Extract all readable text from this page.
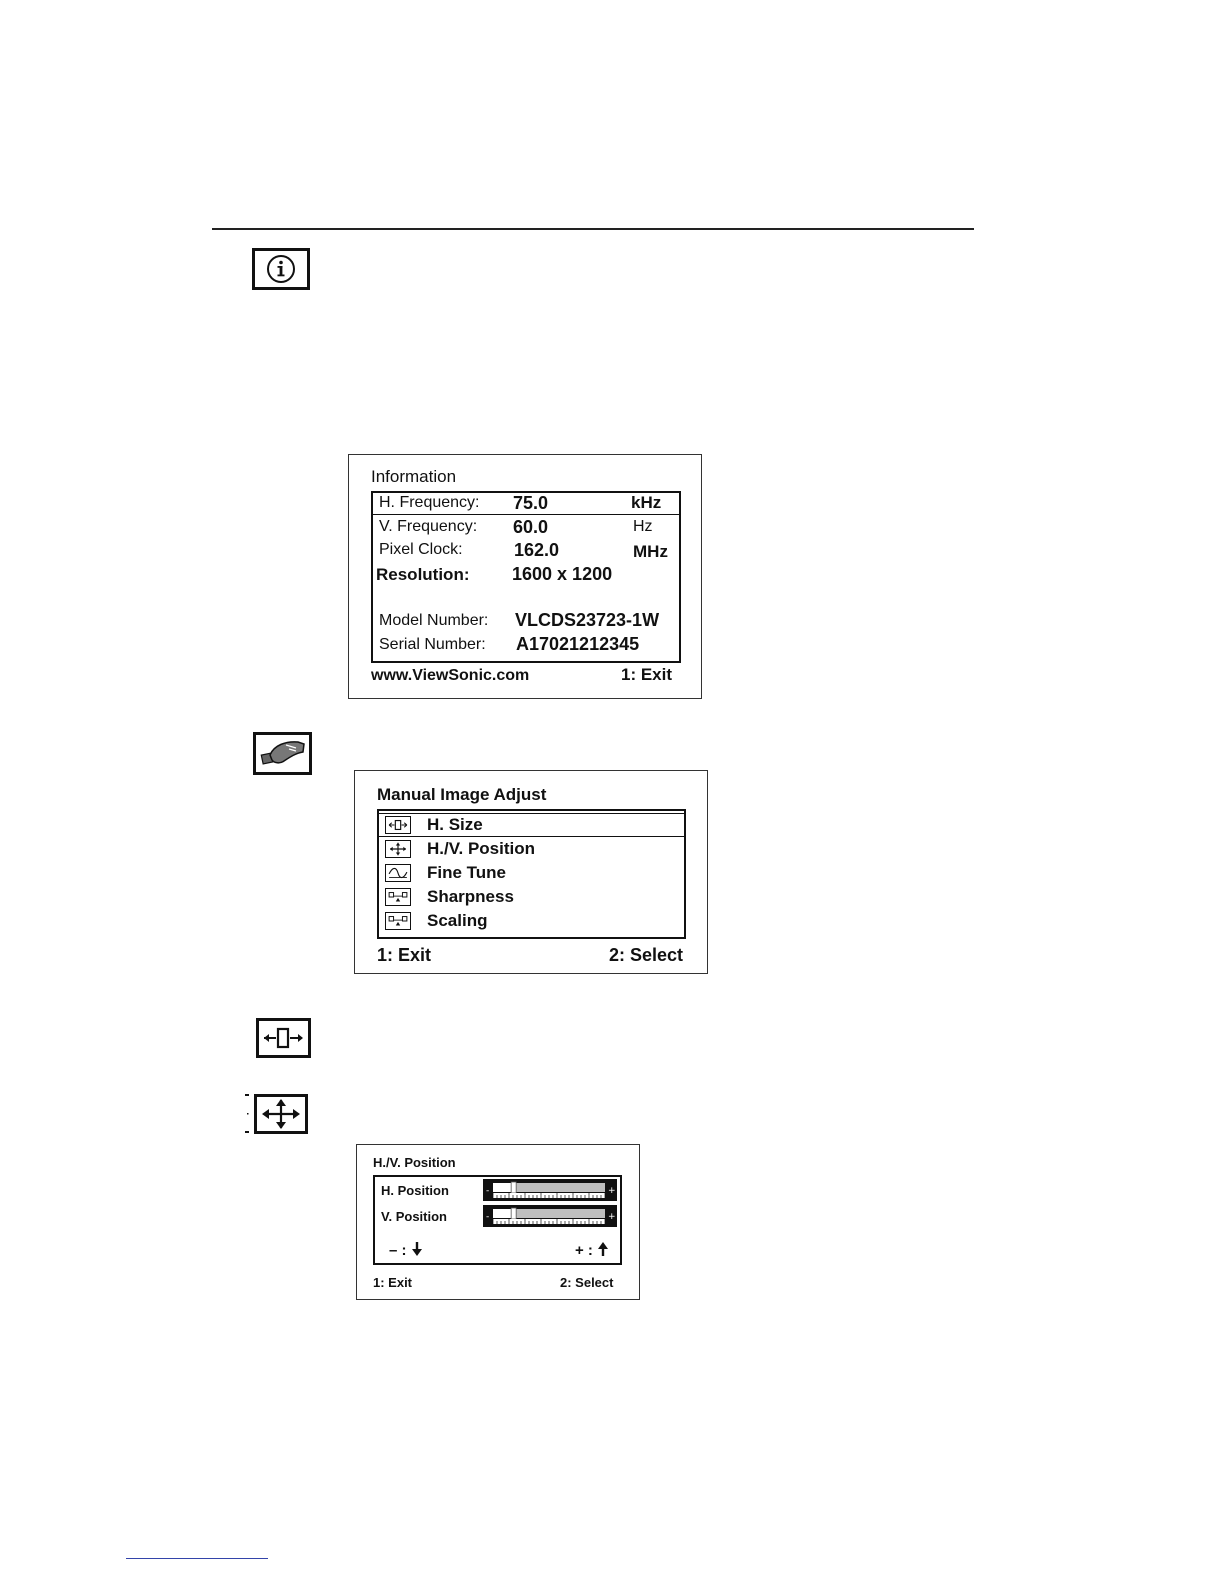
Information
H. Frequency: 75.0	kHz
V. Frequency: 60.0	Hz
Pixel Clock:	162.0	MHz
Resolution: 1600 x 1200
Model Number: VLCDS23723-1W
Serial Number: A17021212345
www.ViewSonic.com	1: Exit
Manual Image Adjust
H. Size
H./V. Position
Fine Tune
Sharpness
Scaling
1: Exit	2: Select
H./V. Position
H. Position	-	+
V. Position	-	+
– :	+ :
1: Exit	2: Select
